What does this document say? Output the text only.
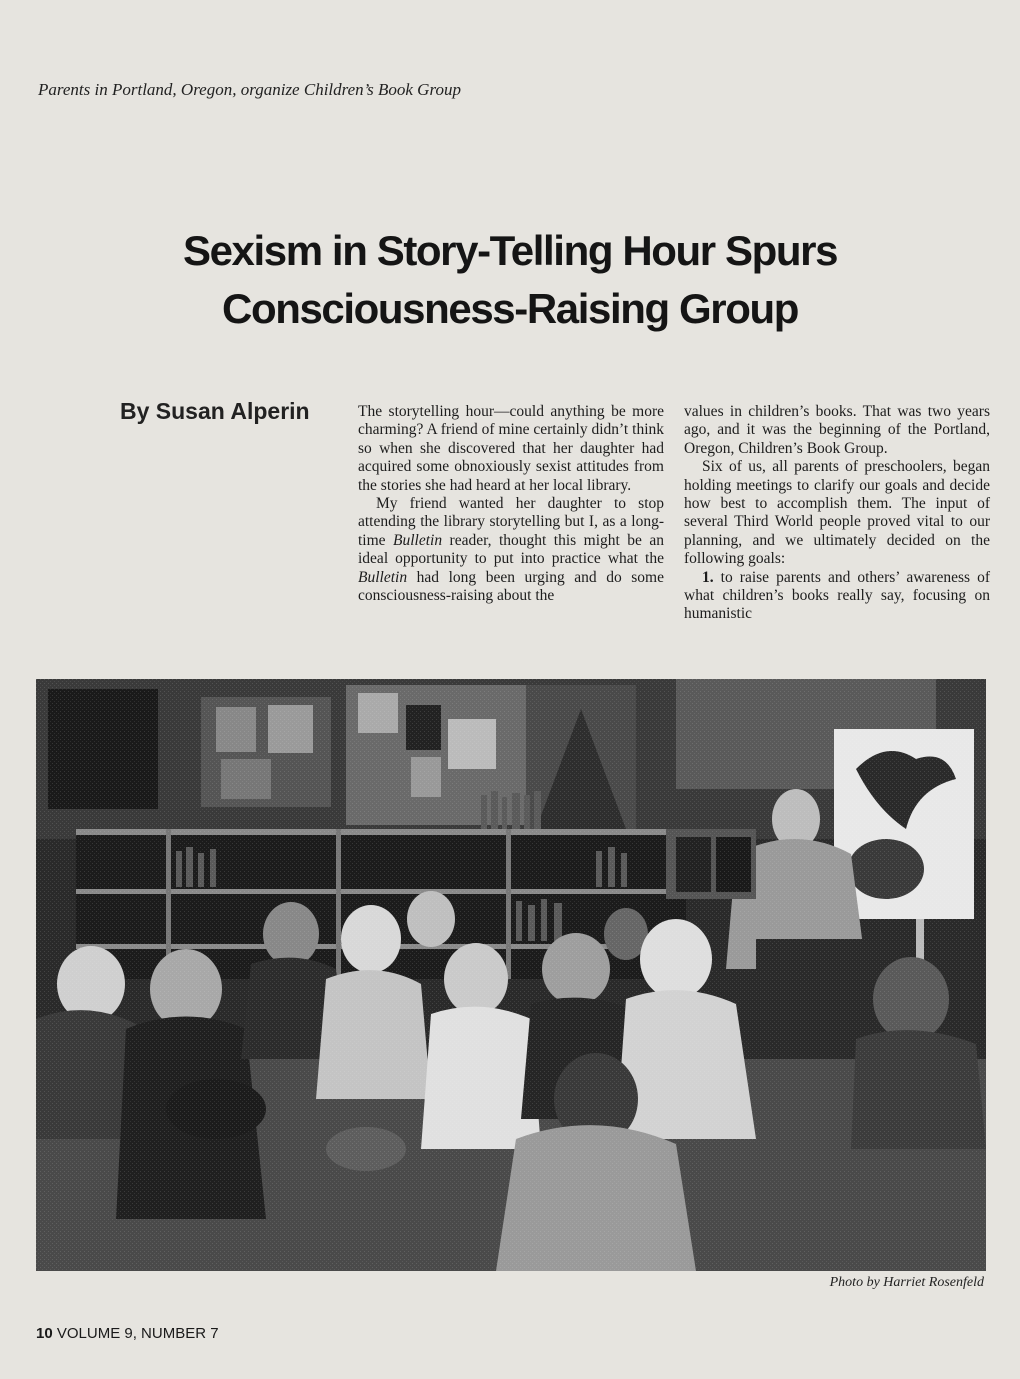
Parents in Portland, Oregon, organize Children’s Book Group
Sexism in Story-Telling Hour Spurs
Consciousness-Raising Group
By Susan Alperin	The storytelling hour—could anything be more charming? A friend of mine certainly didn’t think so when she discovered that her daughter had acquired some obnoxiously sexist attitudes from the stories she had heard at her local library.

My friend wanted her daughter to stop attending the library storytelling but I, as a long-time Bulletin reader, thought this might be an ideal opportunity to put into practice what the Bulletin had long been urging and do some consciousness-raising about the

values in children’s books. That was two years ago, and it was the beginning of the Portland, Oregon, Children’s Book Group.

Six of us, all parents of preschoolers, began holding meetings to clarify our goals and decide how best to accomplish them. The input of several Third World people proved vital to our planning, and we ultimately decided on the following goals:

1. to raise parents and others’ awareness of what children’s books really say, focusing on humanistic

Photo by Harriet Rosenfeld
10 VOLUME 9, NUMBER 7
